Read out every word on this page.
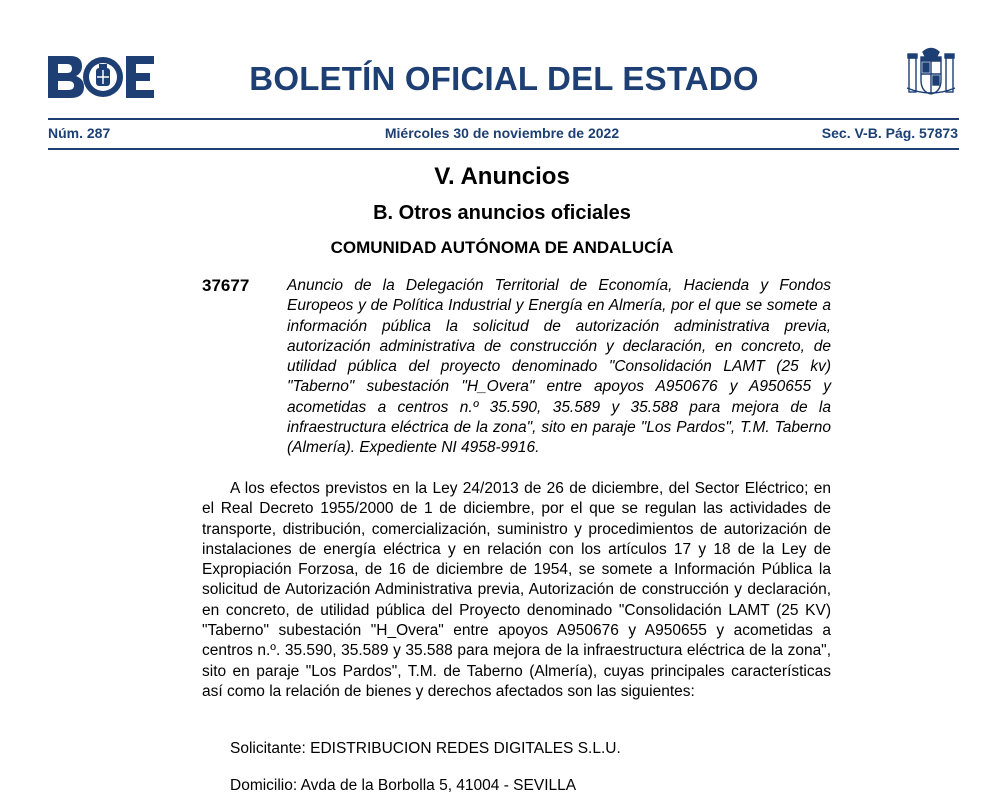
BOLETÍN OFICIAL DEL ESTADO
Núm. 287	Miércoles 30 de noviembre de 2022	Sec. V-B. Pág. 57873
V. Anuncios
B. Otros anuncios oficiales
COMUNIDAD AUTÓNOMA DE ANDALUCÍA
37677 Anuncio de la Delegación Territorial de Economía, Hacienda y Fondos Europeos y de Política Industrial y Energía en Almería, por el que se somete a información pública la solicitud de autorización administrativa previa, autorización administrativa de construcción y declaración, en concreto, de utilidad pública del proyecto denominado "Consolidación LAMT (25 kv) "Taberno" subestación "H_Overa" entre apoyos A950676 y A950655 y acometidas a centros n.º 35.590, 35.589 y 35.588 para mejora de la infraestructura eléctrica de la zona", sito en paraje "Los Pardos", T.M. Taberno (Almería). Expediente NI 4958-9916.

A los efectos previstos en la Ley 24/2013 de 26 de diciembre, del Sector Eléctrico; en el Real Decreto 1955/2000 de 1 de diciembre, por el que se regulan las actividades de transporte, distribución, comercialización, suministro y procedimientos de autorización de instalaciones de energía eléctrica y en relación con los artículos 17 y 18 de la Ley de Expropiación Forzosa, de 16 de diciembre de 1954, se somete a Información Pública la solicitud de Autorización Administrativa previa, Autorización de construcción y declaración, en concreto, de utilidad pública del Proyecto denominado "Consolidación LAMT (25 KV) "Taberno" subestación "H_Overa" entre apoyos A950676 y A950655 y acometidas a centros n.º. 35.590, 35.589 y 35.588 para mejora de la infraestructura eléctrica de la zona", sito en paraje "Los Pardos", T.M. de Taberno (Almería), cuyas principales características así como la relación de bienes y derechos afectados son las siguientes:

Solicitante: EDISTRIBUCION REDES DIGITALES S.L.U.

Domicilio: Avda de la Borbolla 5, 41004 - SEVILLA
